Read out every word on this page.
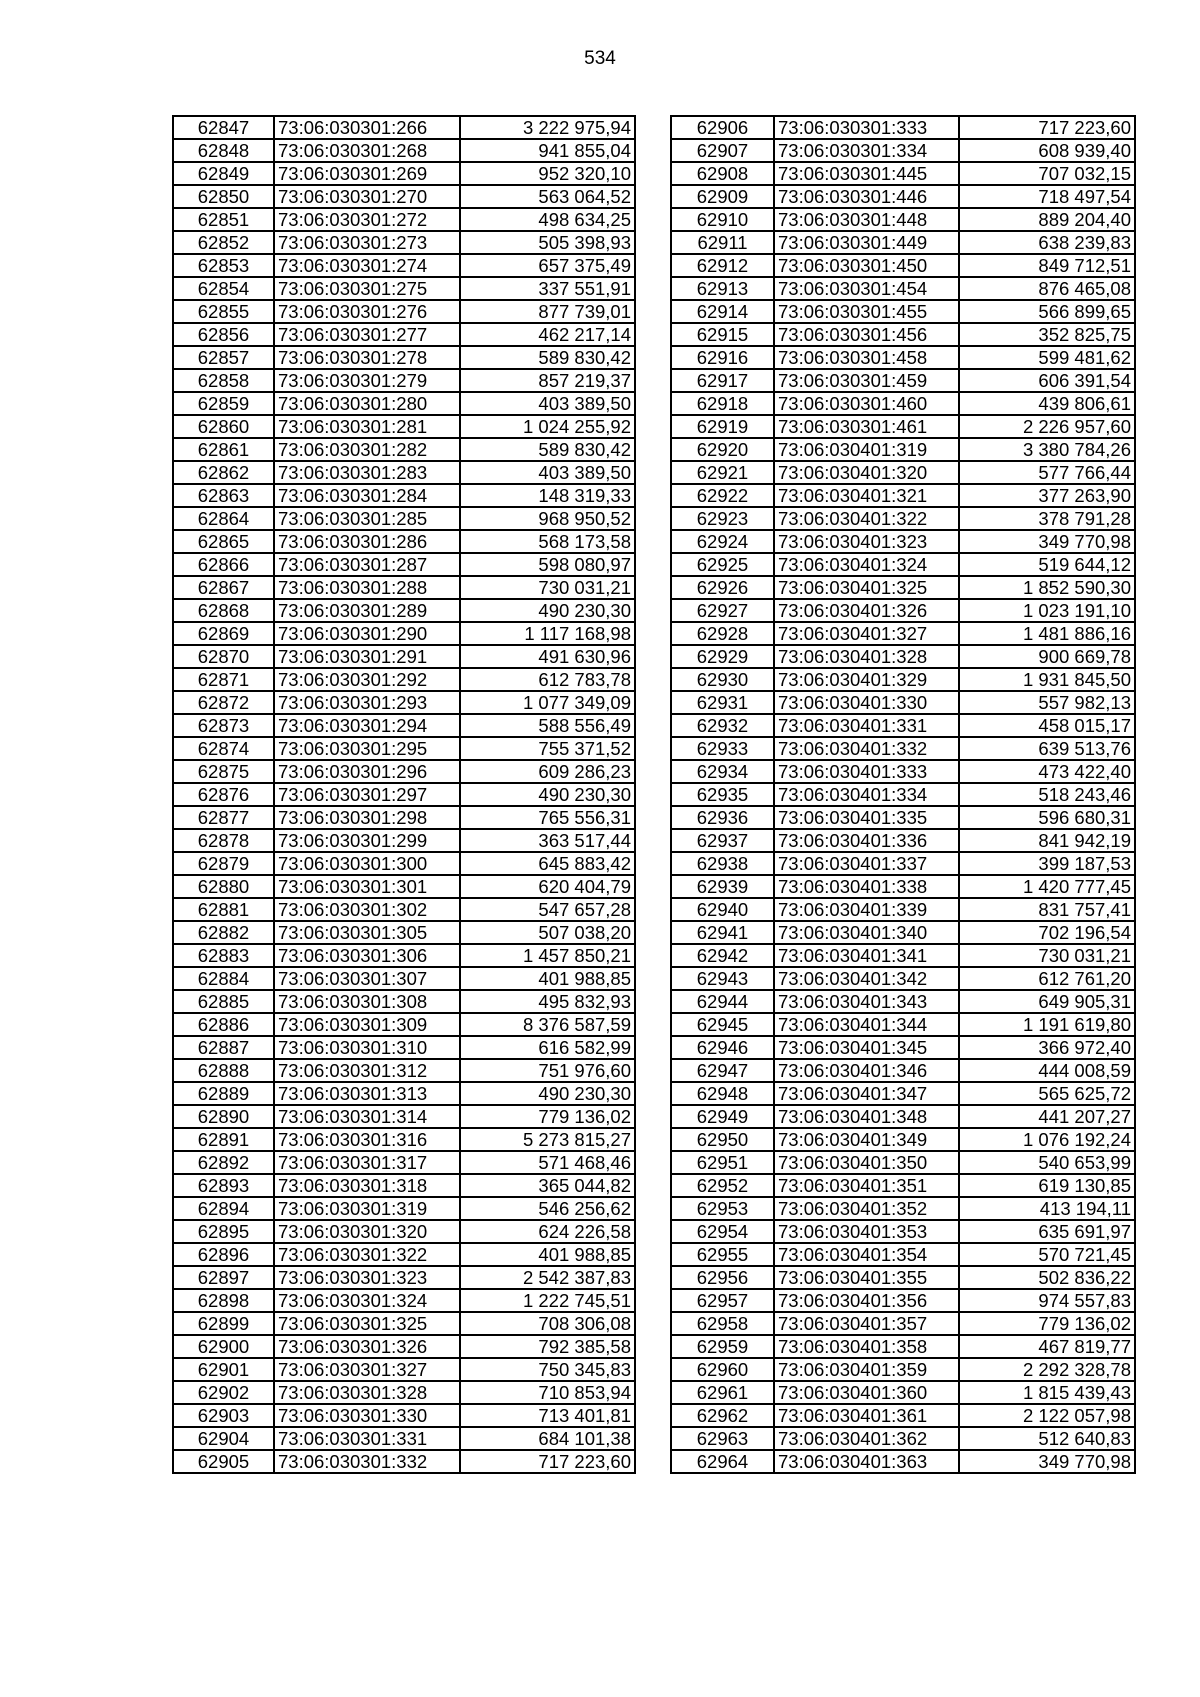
534
62847	73:06:030301:266	3 222 975,94
62848	73:06:030301:268	941 855,04
62849	73:06:030301:269	952 320,10
62850	73:06:030301:270	563 064,52
62851	73:06:030301:272	498 634,25
62852	73:06:030301:273	505 398,93
62853	73:06:030301:274	657 375,49
62854	73:06:030301:275	337 551,91
62855	73:06:030301:276	877 739,01
62856	73:06:030301:277	462 217,14
62857	73:06:030301:278	589 830,42
62858	73:06:030301:279	857 219,37
62859	73:06:030301:280	403 389,50
62860	73:06:030301:281	1 024 255,92
62861	73:06:030301:282	589 830,42
62862	73:06:030301:283	403 389,50
62863	73:06:030301:284	148 319,33
62864	73:06:030301:285	968 950,52
62865	73:06:030301:286	568 173,58
62866	73:06:030301:287	598 080,97
62867	73:06:030301:288	730 031,21
62868	73:06:030301:289	490 230,30
62869	73:06:030301:290	1 117 168,98
62870	73:06:030301:291	491 630,96
62871	73:06:030301:292	612 783,78
62872	73:06:030301:293	1 077 349,09
62873	73:06:030301:294	588 556,49
62874	73:06:030301:295	755 371,52
62875	73:06:030301:296	609 286,23
62876	73:06:030301:297	490 230,30
62877	73:06:030301:298	765 556,31
62878	73:06:030301:299	363 517,44
62879	73:06:030301:300	645 883,42
62880	73:06:030301:301	620 404,79
62881	73:06:030301:302	547 657,28
62882	73:06:030301:305	507 038,20
62883	73:06:030301:306	1 457 850,21
62884	73:06:030301:307	401 988,85
62885	73:06:030301:308	495 832,93
62886	73:06:030301:309	8 376 587,59
62887	73:06:030301:310	616 582,99
62888	73:06:030301:312	751 976,60
62889	73:06:030301:313	490 230,30
62890	73:06:030301:314	779 136,02
62891	73:06:030301:316	5 273 815,27
62892	73:06:030301:317	571 468,46
62893	73:06:030301:318	365 044,82
62894	73:06:030301:319	546 256,62
62895	73:06:030301:320	624 226,58
62896	73:06:030301:322	401 988,85
62897	73:06:030301:323	2 542 387,83
62898	73:06:030301:324	1 222 745,51
62899	73:06:030301:325	708 306,08
62900	73:06:030301:326	792 385,58
62901	73:06:030301:327	750 345,83
62902	73:06:030301:328	710 853,94
62903	73:06:030301:330	713 401,81
62904	73:06:030301:331	684 101,38
62905	73:06:030301:332	717 223,60
62906	73:06:030301:333	717 223,60
62907	73:06:030301:334	608 939,40
62908	73:06:030301:445	707 032,15
62909	73:06:030301:446	718 497,54
62910	73:06:030301:448	889 204,40
62911	73:06:030301:449	638 239,83
62912	73:06:030301:450	849 712,51
62913	73:06:030301:454	876 465,08
62914	73:06:030301:455	566 899,65
62915	73:06:030301:456	352 825,75
62916	73:06:030301:458	599 481,62
62917	73:06:030301:459	606 391,54
62918	73:06:030301:460	439 806,61
62919	73:06:030301:461	2 226 957,60
62920	73:06:030401:319	3 380 784,26
62921	73:06:030401:320	577 766,44
62922	73:06:030401:321	377 263,90
62923	73:06:030401:322	378 791,28
62924	73:06:030401:323	349 770,98
62925	73:06:030401:324	519 644,12
62926	73:06:030401:325	1 852 590,30
62927	73:06:030401:326	1 023 191,10
62928	73:06:030401:327	1 481 886,16
62929	73:06:030401:328	900 669,78
62930	73:06:030401:329	1 931 845,50
62931	73:06:030401:330	557 982,13
62932	73:06:030401:331	458 015,17
62933	73:06:030401:332	639 513,76
62934	73:06:030401:333	473 422,40
62935	73:06:030401:334	518 243,46
62936	73:06:030401:335	596 680,31
62937	73:06:030401:336	841 942,19
62938	73:06:030401:337	399 187,53
62939	73:06:030401:338	1 420 777,45
62940	73:06:030401:339	831 757,41
62941	73:06:030401:340	702 196,54
62942	73:06:030401:341	730 031,21
62943	73:06:030401:342	612 761,20
62944	73:06:030401:343	649 905,31
62945	73:06:030401:344	1 191 619,80
62946	73:06:030401:345	366 972,40
62947	73:06:030401:346	444 008,59
62948	73:06:030401:347	565 625,72
62949	73:06:030401:348	441 207,27
62950	73:06:030401:349	1 076 192,24
62951	73:06:030401:350	540 653,99
62952	73:06:030401:351	619 130,85
62953	73:06:030401:352	413 194,11
62954	73:06:030401:353	635 691,97
62955	73:06:030401:354	570 721,45
62956	73:06:030401:355	502 836,22
62957	73:06:030401:356	974 557,83
62958	73:06:030401:357	779 136,02
62959	73:06:030401:358	467 819,77
62960	73:06:030401:359	2 292 328,78
62961	73:06:030401:360	1 815 439,43
62962	73:06:030401:361	2 122 057,98
62963	73:06:030401:362	512 640,83
62964	73:06:030401:363	349 770,98
